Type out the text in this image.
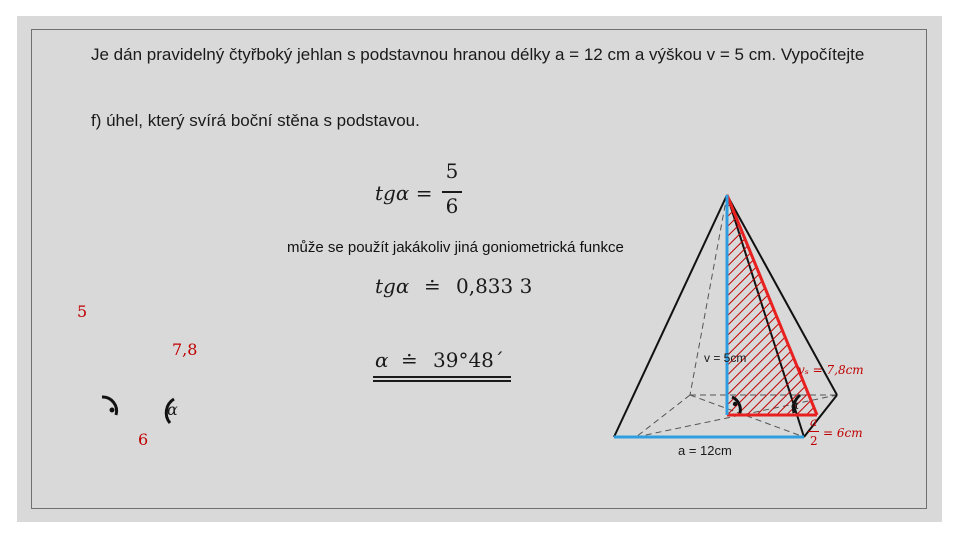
Je dán pravidelný čtyřboký jehlan s podstavnou hranou délky a = 12 cm a výškou v = 5 cm. Vypočítejte
f) úhel, který svírá boční stěna s podstavou.
tgα =
5
6
může se použít jakákoliv jiná goniometrická funkce
tgα ≐ 0,833 3
α ≐ 39°48´
5
7,8
6
α
v = 5cm
a = 12cm
vₛ = 7,8cm
α
a
2
= 6cm
